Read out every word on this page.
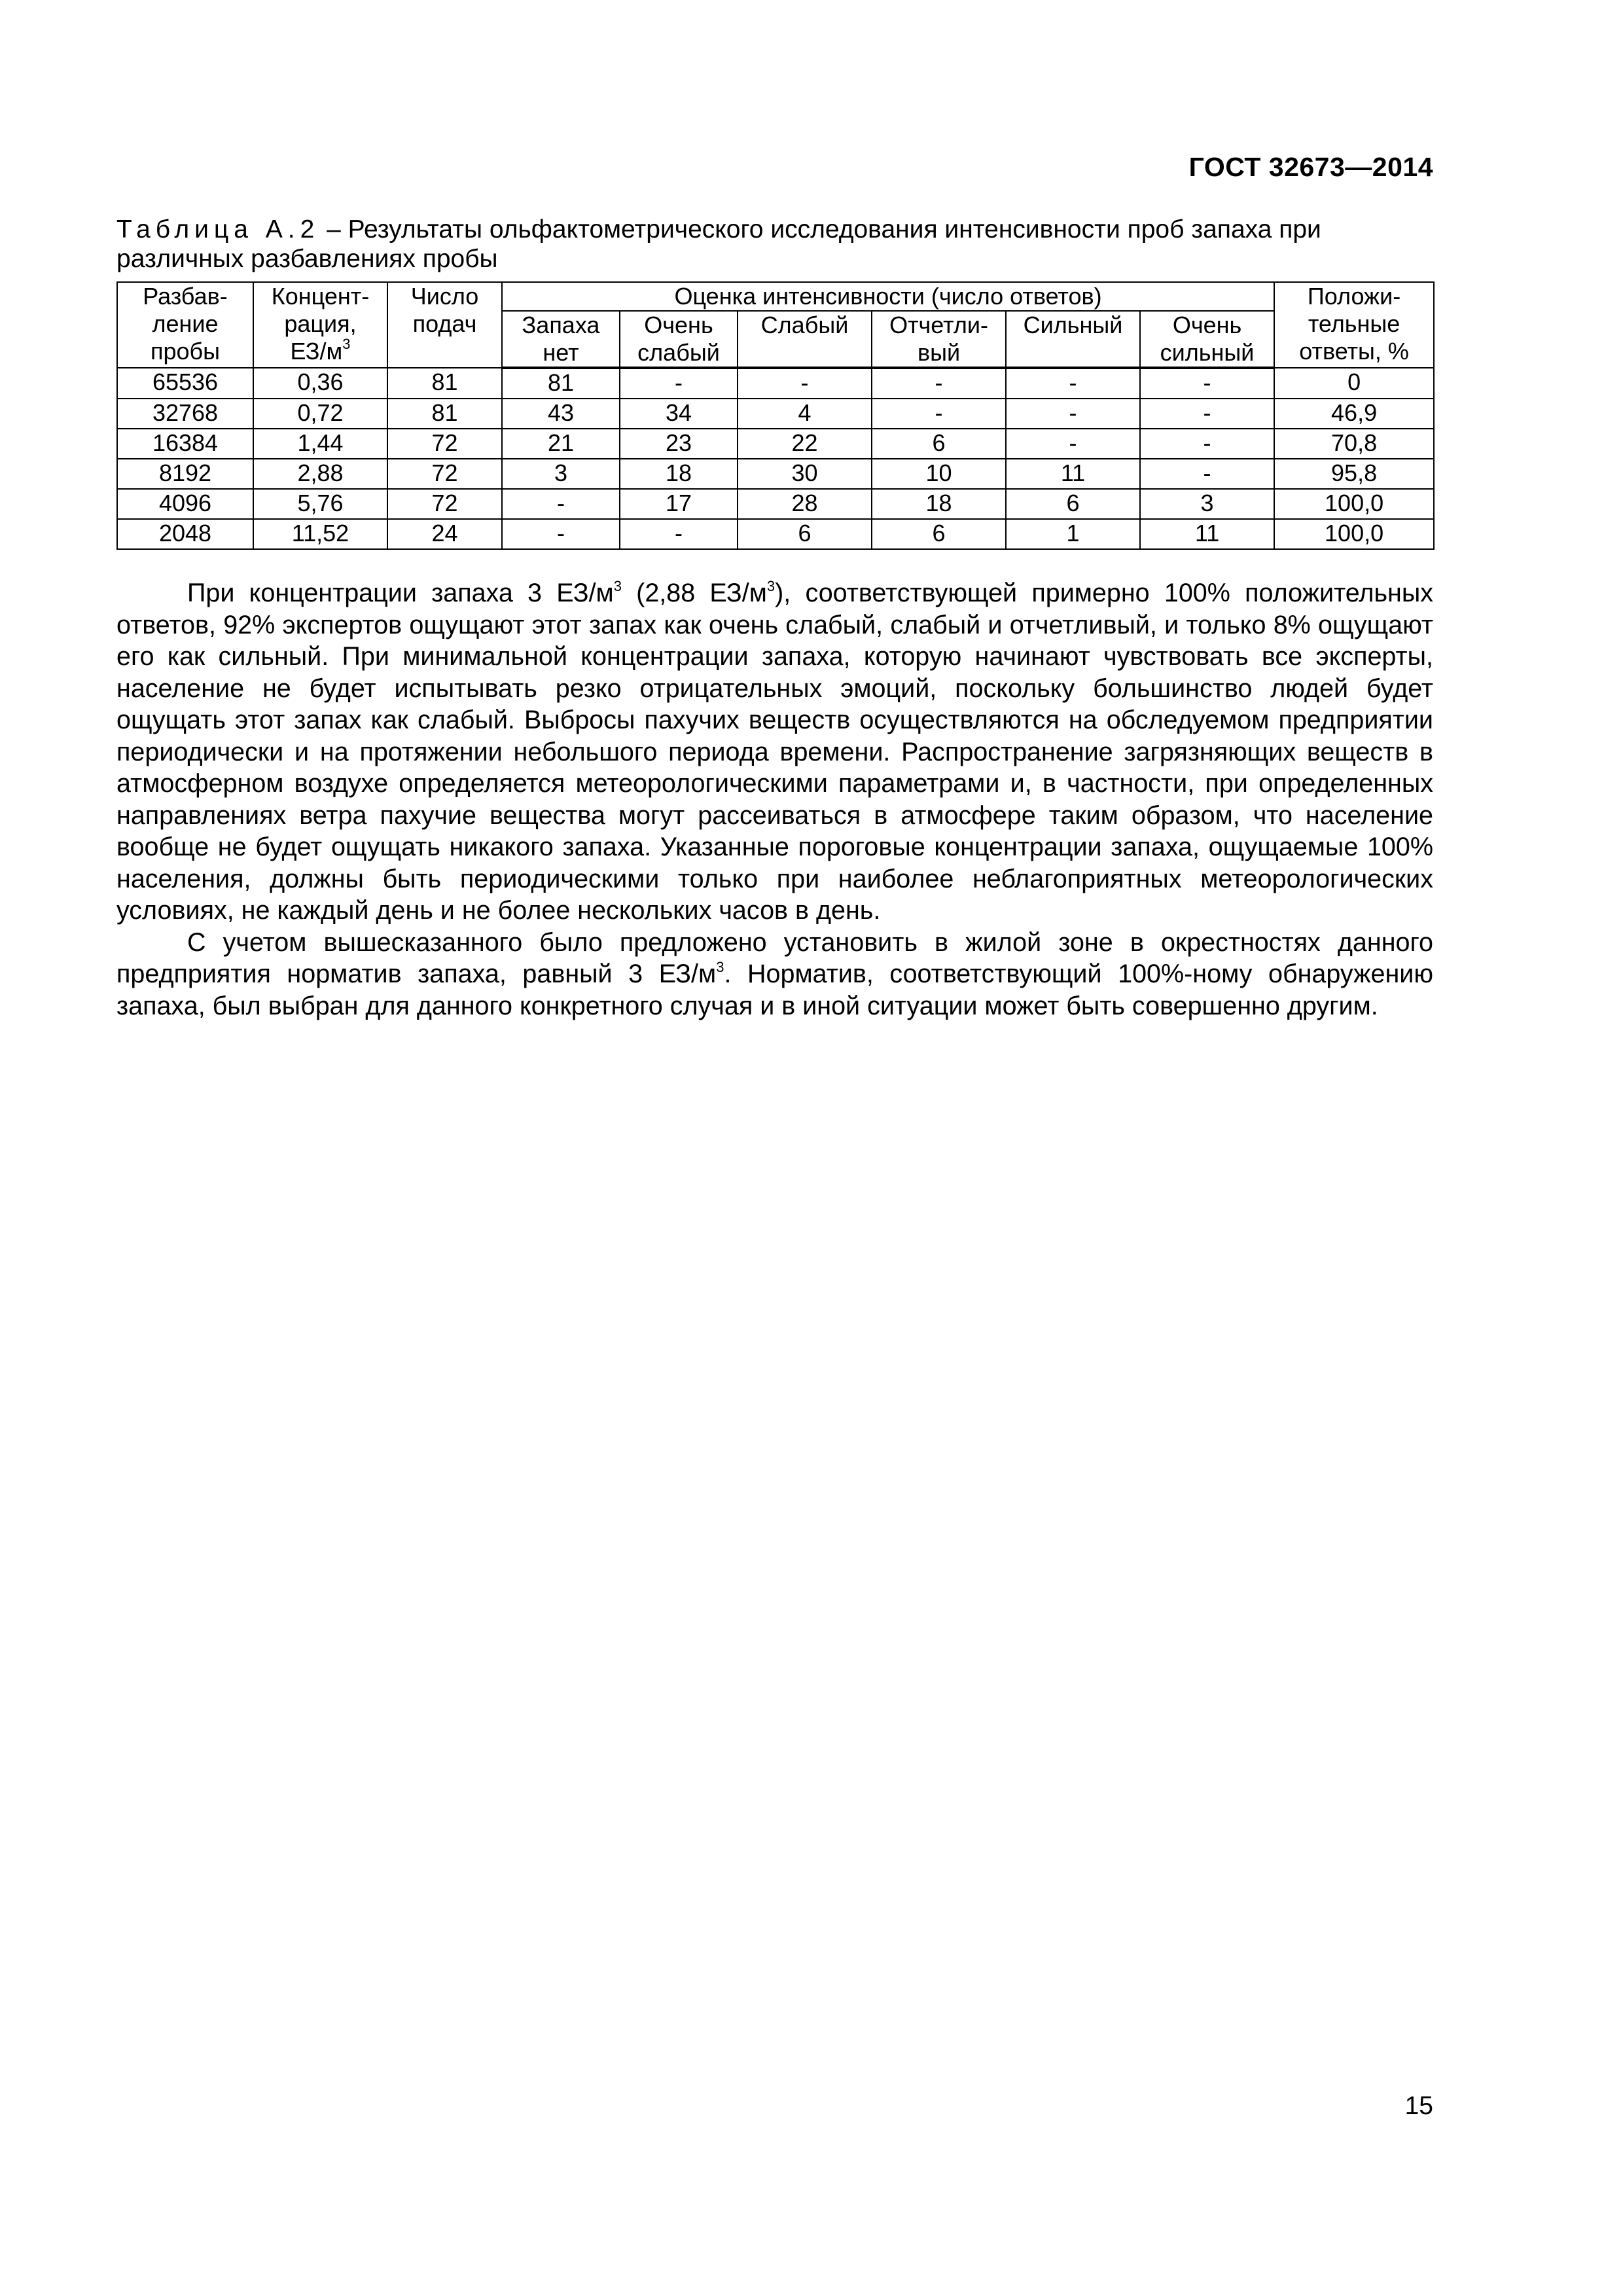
ГОСТ 32673—2014
Таблица А.2 – Результаты ольфактометрического исследования интенсивности проб запаха при различных разбавлениях пробы
Разбав-
ление
пробы	Концент-
рация,
$ЕЗ/м^3$	Число
подач	Оценка интенсивности (число ответов)						Положи-
тельные
ответы, %
			Запаха
нет	Очень
слабый	Слабый	Отчетли-
вый	Сильный	Очень
сильный	
65536	0,36	81	81	-	-	-	-	-	0
32768	0,72	81	43	34	4	-	-	-	46,9
16384	1,44	72	21	23	22	6	-	-	70,8
8192	2,88	72	3	18	30	10	11	-	95,8
4096	5,76	72	-	17	28	18	6	3	100,0
2048	11,52	24	-	-	6	6	1	11	100,0

При концентрации запаха 3 $ЕЗ/м^3$ (2,88 $ЕЗ/м^3$), соответствующей примерно 100% положительных ответов, 92% экспертов ощущают этот запах как очень слабый, слабый и отчетливый, и только 8% ощущают его как сильный. При минимальной концентрации запаха, которую начинают чувствовать все эксперты, население не будет испытывать резко отрицательных эмоций, поскольку большинство людей будет ощущать этот запах как слабый. Выбросы пахучих веществ осуществляются на обследуемом предприятии периодически и на протяжении небольшого периода времени. Распространение загрязняющих веществ в атмосферном воздухе определяется метеорологическими параметрами и, в частности, при определенных направлениях ветра пахучие вещества могут рассеиваться в атмосфере таким образом, что население вообще не будет ощущать никакого запаха. Указанные пороговые концентрации запаха, ощущаемые 100% населения, должны быть периодическими только при наиболее неблагоприятных метеорологических условиях, не каждый день и не более нескольких часов в день.

С учетом вышесказанного было предложено установить в жилой зоне в окрестностях данного предприятия норматив запаха, равный 3 $ЕЗ/м^3$. Норматив, соответствующий 100%-ному обнаружению запаха, был выбран для данного конкретного случая и в иной ситуации может быть совершенно другим.

15
